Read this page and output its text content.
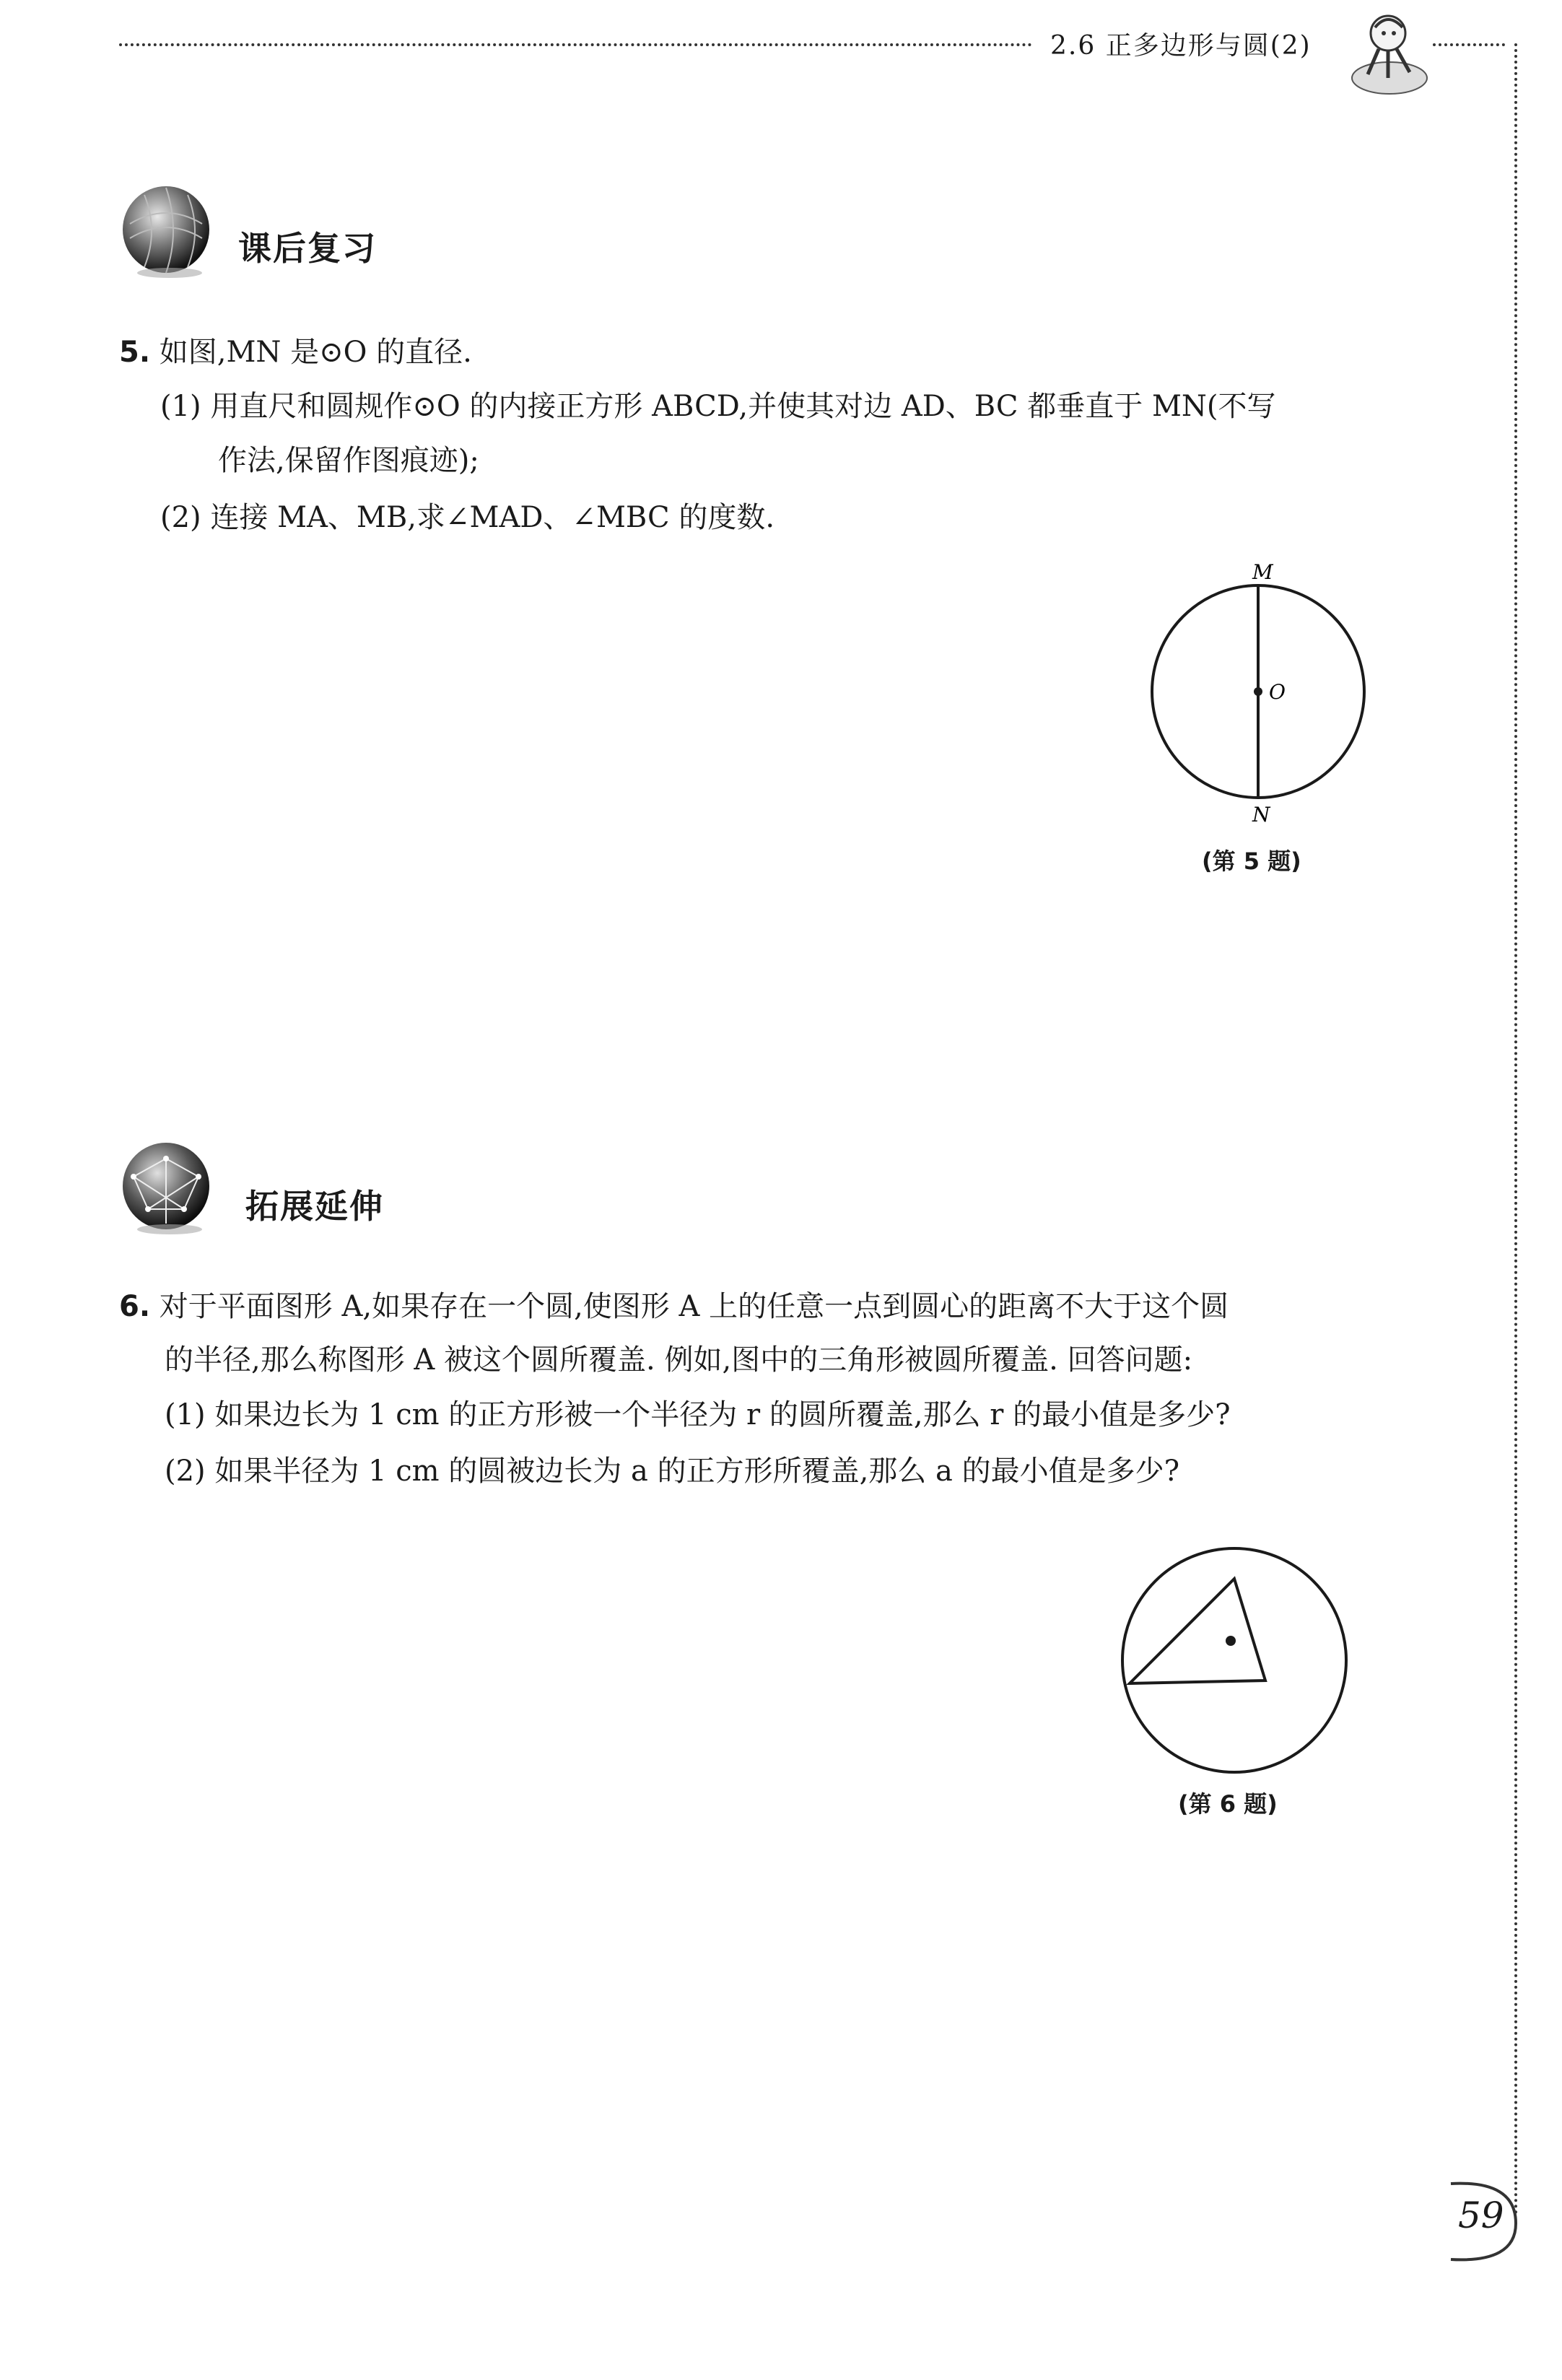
2.6 正多边形与圆(2)
课后复习
5. 如图,MN 是⊙O 的直径.
(1) 用直尺和圆规作⊙O 的内接正方形 ABCD,并使其对边 AD、BC 都垂直于 MN(不写
作法,保留作图痕迹);
(2) 连接 MA、MB,求∠MAD、∠MBC 的度数.
M
O
N
(第 5 题)
拓展延伸
6. 对于平面图形 A,如果存在一个圆,使图形 A 上的任意一点到圆心的距离不大于这个圆
的半径,那么称图形 A 被这个圆所覆盖. 例如,图中的三角形被圆所覆盖. 回答问题:
(1) 如果边长为 1 cm 的正方形被一个半径为 r 的圆所覆盖,那么 r 的最小值是多少?
(2) 如果半径为 1 cm 的圆被边长为 a 的正方形所覆盖,那么 a 的最小值是多少?
(第 6 题)
59
